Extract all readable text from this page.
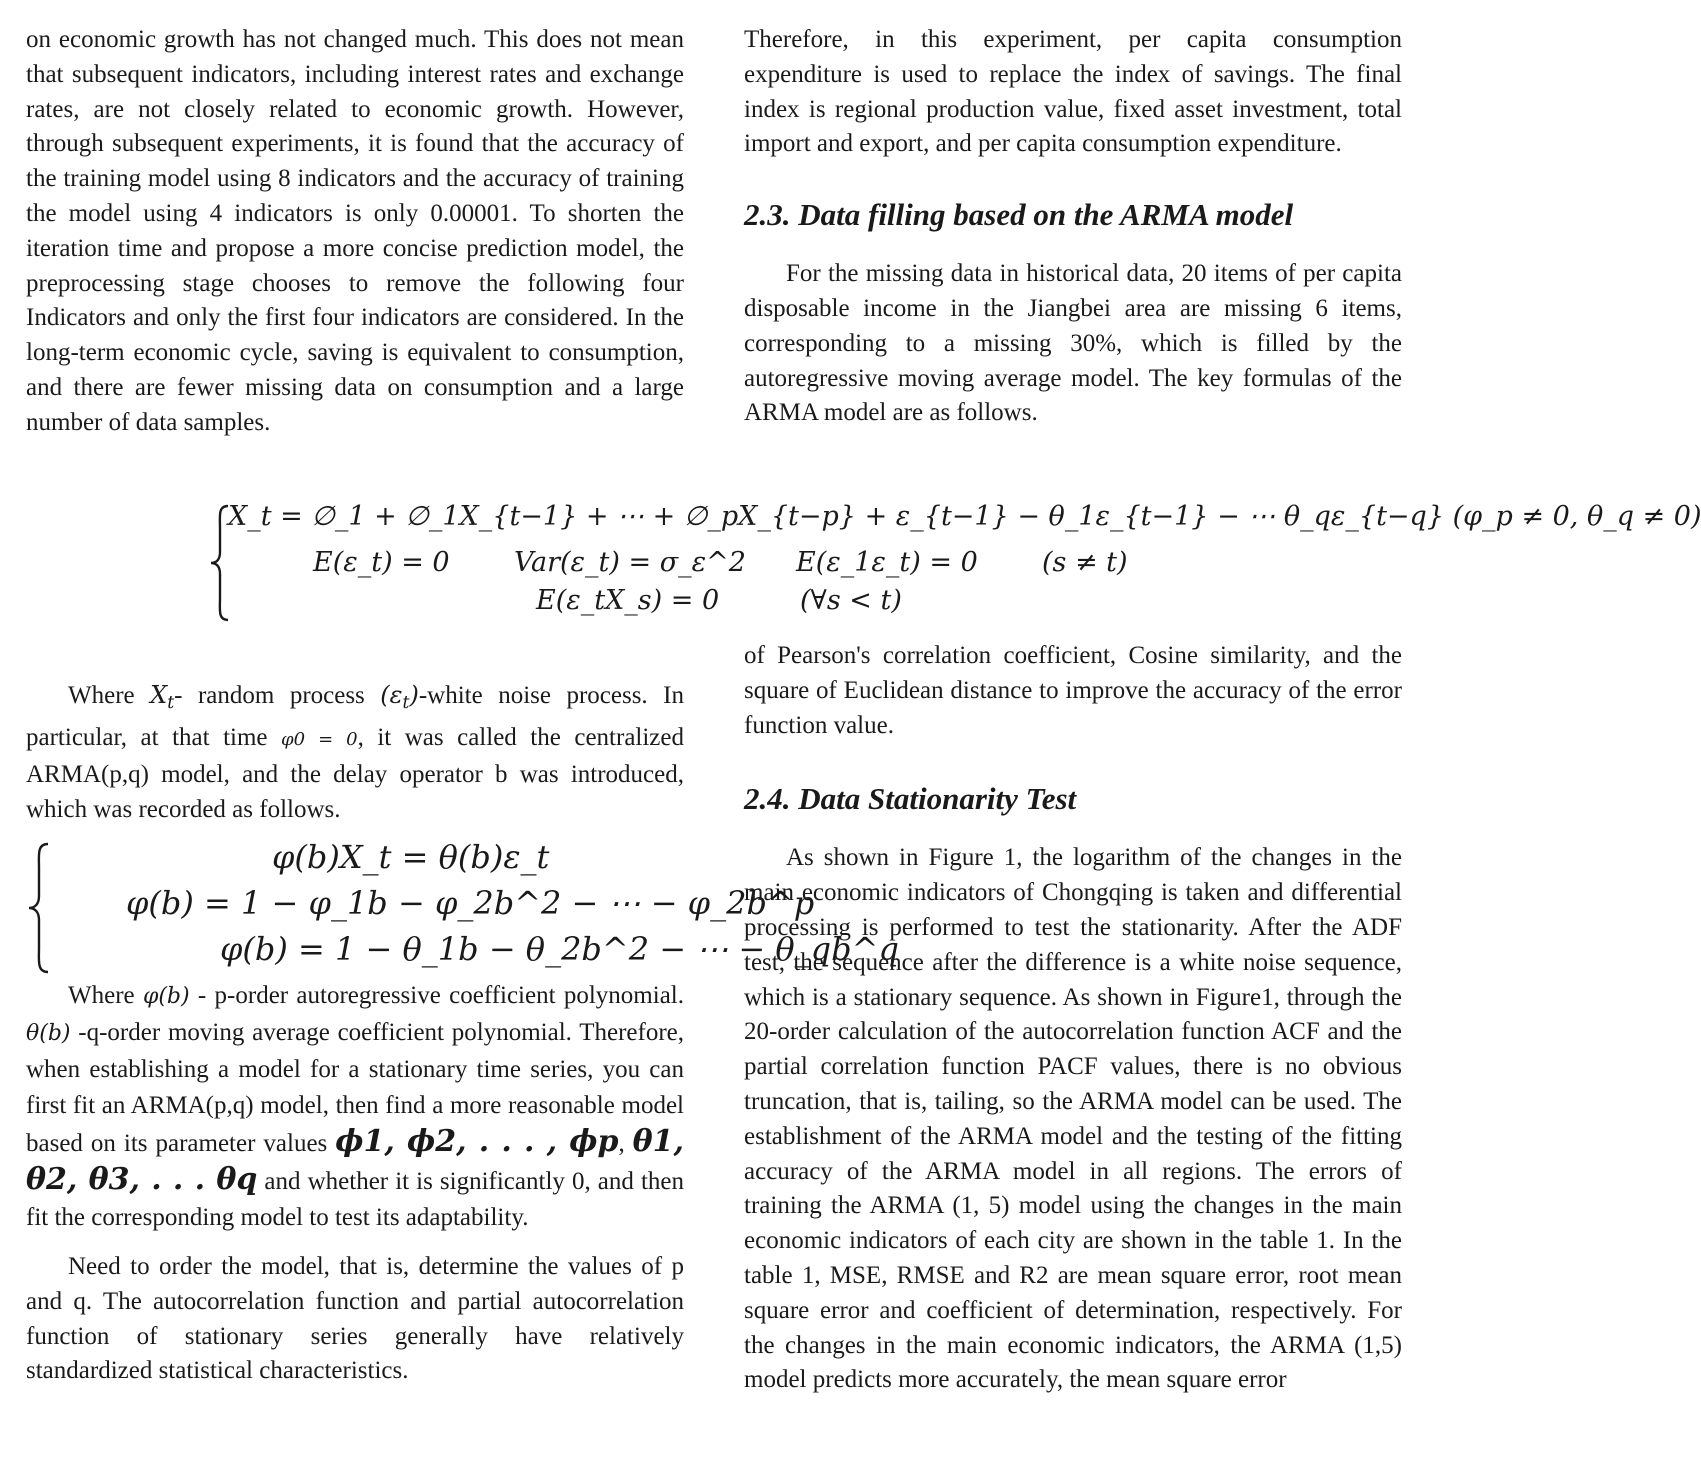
on economic growth has not changed much. This does not mean that subsequent indicators, including interest rates and exchange rates, are not closely related to economic growth. However, through subsequent experiments, it is found that the accuracy of the training model using 8 indicators and the accuracy of training the model using 4 indicators is only 0.00001. To shorten the iteration time and propose a more concise prediction model, the preprocessing stage chooses to remove the following four Indicators and only the first four indicators are considered. In the long-term economic cycle, saving is equivalent to consumption, and there are fewer missing data on consumption and a large number of data samples.

Therefore, in this experiment, per capita consumption expenditure is used to replace the index of savings. The final index is regional production value, fixed asset investment, total import and export, and per capita consumption expenditure.

2.3. Data filling based on the ARMA model

For the missing data in historical data, 20 items of per capita disposable income in the Jiangbei area are missing 6 items, corresponding to a missing 30%, which is filled by the autoregressive moving average model. The key formulas of the ARMA model are as follows.

X_t = ∅_1 + ∅_1X_{t−1} + ⋯ + ∅_pX_{t−p} + ε_{t−1} − θ_1ε_{t−1} − ⋯ θ_qε_{t−q} (φ_p ≠ 0, θ_q ≠ 0)
E(ε_t) = 0 Var(ε_t) = σ_ε^2 E(ε_1ε_t) = 0 (s ≠ t)
E(ε_tX_s) = 0	(∀s < t)

Where $X_t-$ random process $(\varepsilon_t)$-white noise process. In particular, at that time φ0 = 0, it was called the centralized ARMA(p,q) model, and the delay operator b was introduced, which was recorded as follows.

of Pearson's correlation coefficient, Cosine similarity, and the square of Euclidean distance to improve the accuracy of the error function value.

2.4. Data Stationarity Test

As shown in Figure 1, the logarithm of the changes in the main economic indicators of Chongqing is taken and differential processing is performed to test the stationarity. After the ADF test, the sequence after the difference is a white noise sequence, which is a stationary sequence. As shown in Figure1, through the 20-order calculation of the autocorrelation function ACF and the partial correlation function PACF values, there is no obvious truncation, that is, tailing, so the ARMA model can be used. The establishment of the ARMA model and the testing of the fitting accuracy of the ARMA model in all regions. The errors of training the ARMA (1, 5) model using the changes in the main economic indicators of each city are shown in the table 1. In the table 1, MSE, RMSE and R2 are mean square error, root mean square error and coefficient of determination, respectively. For the changes in the main economic indicators, the ARMA (1,5) model predicts more accurately, the mean square error

φ(b)X_t = θ(b)ε_t
φ(b) = 1 − φ_1b − φ_2b^2 − ⋯ − φ_2b^p
φ(b) = 1 − θ_1b − θ_2b^2 − ⋯ − θ_qb^q

Where φ(b) - p-order autoregressive coefficient polynomial. θ(b) -q-order moving average coefficient polynomial. Therefore, when establishing a model for a stationary time series, you can first fit an ARMA(p,q) model, then find a more reasonable model based on its parameter values ϕ1, ϕ2, . . . , ϕp, θ1, θ2, θ3, . . . θq and whether it is significantly 0, and then fit the corresponding model to test its adaptability.

Need to order the model, that is, determine the values of p and q. The autocorrelation function and partial autocorrelation function of stationary series generally have relatively standardized statistical characteristics.
